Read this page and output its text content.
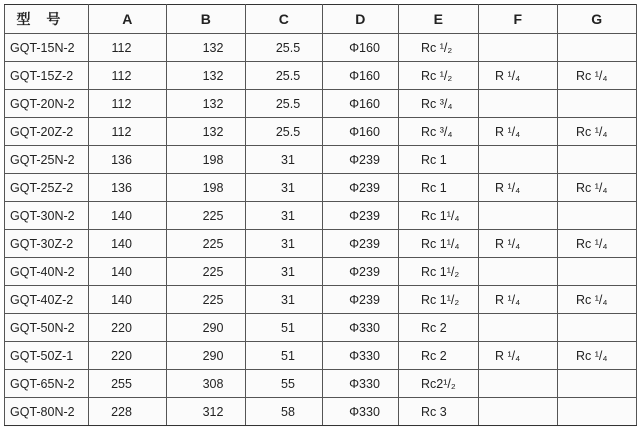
型 号	A	B	C	D	E	F	G
GQT-15N-2	112	132	25.5	Φ160	Rc ¹/₂		
GQT-15Z-2	112	132	25.5	Φ160	Rc ¹/₂	R ¹/₄	Rc ¹/₄
GQT-20N-2	112	132	25.5	Φ160	Rc ³/₄		
GQT-20Z-2	112	132	25.5	Φ160	Rc ³/₄	R ¹/₄	Rc ¹/₄
GQT-25N-2	136	198	31	Φ239	Rc 1		
GQT-25Z-2	136	198	31	Φ239	Rc 1	R ¹/₄	Rc ¹/₄
GQT-30N-2	140	225	31	Φ239	Rc 1¹/₄		
GQT-30Z-2	140	225	31	Φ239	Rc 1¹/₄	R ¹/₄	Rc ¹/₄
GQT-40N-2	140	225	31	Φ239	Rc 1¹/₂		
GQT-40Z-2	140	225	31	Φ239	Rc 1¹/₂	R ¹/₄	Rc ¹/₄
GQT-50N-2	220	290	51	Φ330	Rc 2		
GQT-50Z-1	220	290	51	Φ330	Rc 2	R ¹/₄	Rc ¹/₄
GQT-65N-2	255	308	55	Φ330	Rc2¹/₂		
GQT-80N-2	228	312	58	Φ330	Rc 3		
